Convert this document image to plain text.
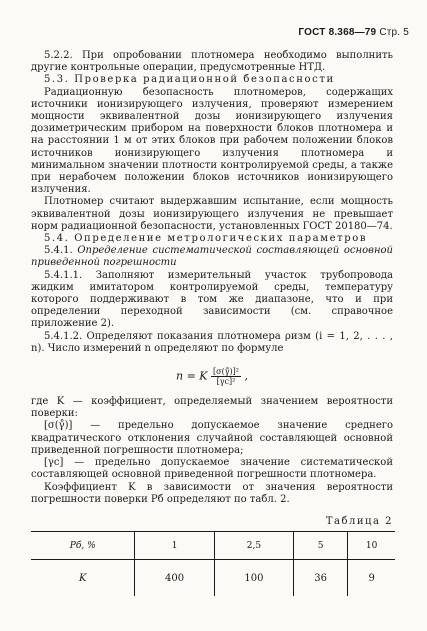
ГОСТ 8.368—79 Стр. 5

5.2.2. При опробовании плотномера необходимо выполнить другие контрольные операции, предусмотренные НТД.

5.3. Проверка радиационной безопасности

Радиационную безопасность плотномеров, содержащих источники ионизирующего излучения, проверяют измерением мощности эквивалентной дозы ионизирующего излучения дозиметрическим прибором на поверхности блоков плотномера и на расстоянии 1 м от этих блоков при рабочем положении блоков источников ионизирующего излучения плотномера и минимальном значении плотности контролируемой среды, а также при нерабочем положении блоков источников ионизирующего излучения.

Плотномер считают выдержавшим испытание, если мощность эквивалентной дозы ионизирующего излучения не превышает норм радиационной безопасности, установленных ГОСТ 20180—74.

5.4. Определение метрологических параметров

5.4.1. Определение систематической составляющей основной приведенной погрешности

5.4.1.1. Заполняют измерительный участок трубопровода жидким имитатором контролируемой среды, температуру которого поддерживают в том же диапазоне, что и при определении переходной зависимости (см. справочное приложение 2).

5.4.1.2. Определяют показания плотномера ρизм (i = 1, 2, . . . , n). Число измерений n определяют по формуле

n = K $\frac{\text{[σ(γ̊)]²}}{\text{[γc]²}}$ ,

где K — коэффициент, определяемый значением вероятности поверки:

[σ(γ̊)] — предельно допускаемое значение среднего квадратического отклонения случайной составляющей основной приведенной погрешности плотномера;

[γc] — предельно допускаемое значение систематической составляющей основной приведенной погрешности плотномера.

Коэффициент K в зависимости от значения вероятности погрешности поверки Pб определяют по табл. 2.

Таблица 2
Pб, %	1	2,5	5	10
K	400	100	36	9
